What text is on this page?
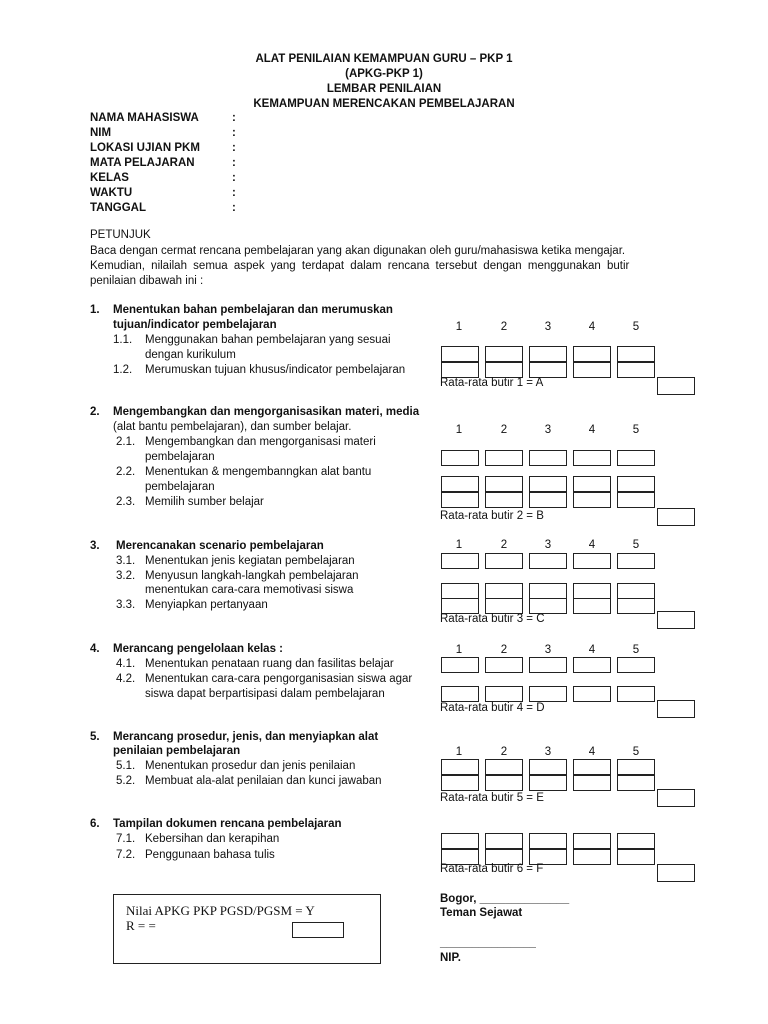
ALAT PENILAIAN KEMAMPUAN GURU – PKP 1
(APKG-PKP 1)
LEMBAR PENILAIAN
KEMAMPUAN MERENCAKAN PEMBELAJARAN
NAMA MAHASISWA	:
NIM	:
LOKASI UJIAN PKM	:
MATA PELAJARAN	:
KELAS	:
WAKTU	:
TANGGAL	:
PETUNJUK
Baca dengan cermat rencana pembelajaran yang akan digunakan oleh guru/mahasiswa ketika mengajar.
Kemudian, nilailah semua aspek yang terdapat dalam rencana tersebut dengan menggunakan butir
penilaian dibawah ini :
1. Menentukan bahan pembelajaran dan merumuskan
tujuan/indicator pembelajaran
1.1. Menggunakan bahan pembelajaran yang sesuai
dengan kurikulum
1.2. Merumuskan tujuan khusus/indicator pembelajaran
1	2	3	4	5
Rata-rata butir 1 = A
2. Mengembangkan dan mengorganisasikan materi, media
(alat bantu pembelajaran), dan sumber belajar.
2.1. Mengembangkan dan mengorganisasi materi
pembelajaran
2.2. Menentukan & mengembanngkan alat bantu
pembelajaran
2.3. Memilih sumber belajar
1	2	3	4	5
Rata-rata butir 2 = B
3. Merencanakan scenario pembelajaran
3.1. Menentukan jenis kegiatan pembelajaran
3.2. Menyusun langkah-langkah pembelajaran
menentukan cara-cara memotivasi siswa
3.3. Menyiapkan pertanyaan
1	2	3	4	5
Rata-rata butir 3 = C
4. Merancang pengelolaan kelas :
4.1. Menentukan penataan ruang dan fasilitas belajar
4.2. Menentukan cara-cara pengorganisasian siswa agar
siswa dapat berpartisipasi dalam pembelajaran
1	2	3	4	5
Rata-rata butir 4 = D
5. Merancang prosedur, jenis, dan menyiapkan alat
penilaian pembelajaran
5.1. Menentukan prosedur dan jenis penilaian
5.2. Membuat ala-alat penilaian dan kunci jawaban
1	2	3	4	5
Rata-rata butir 5 = E
6. Tampilan dokumen rencana pembelajaran
7.1. Kebersihan dan kerapihan
7.2. Penggunaan bahasa tulis
Rata-rata butir 6 = F
Nilai APKG PKP PGSD/PGSM = Y
R = =
Bogor, ______________
Teman Sejawat
_______________
NIP.
